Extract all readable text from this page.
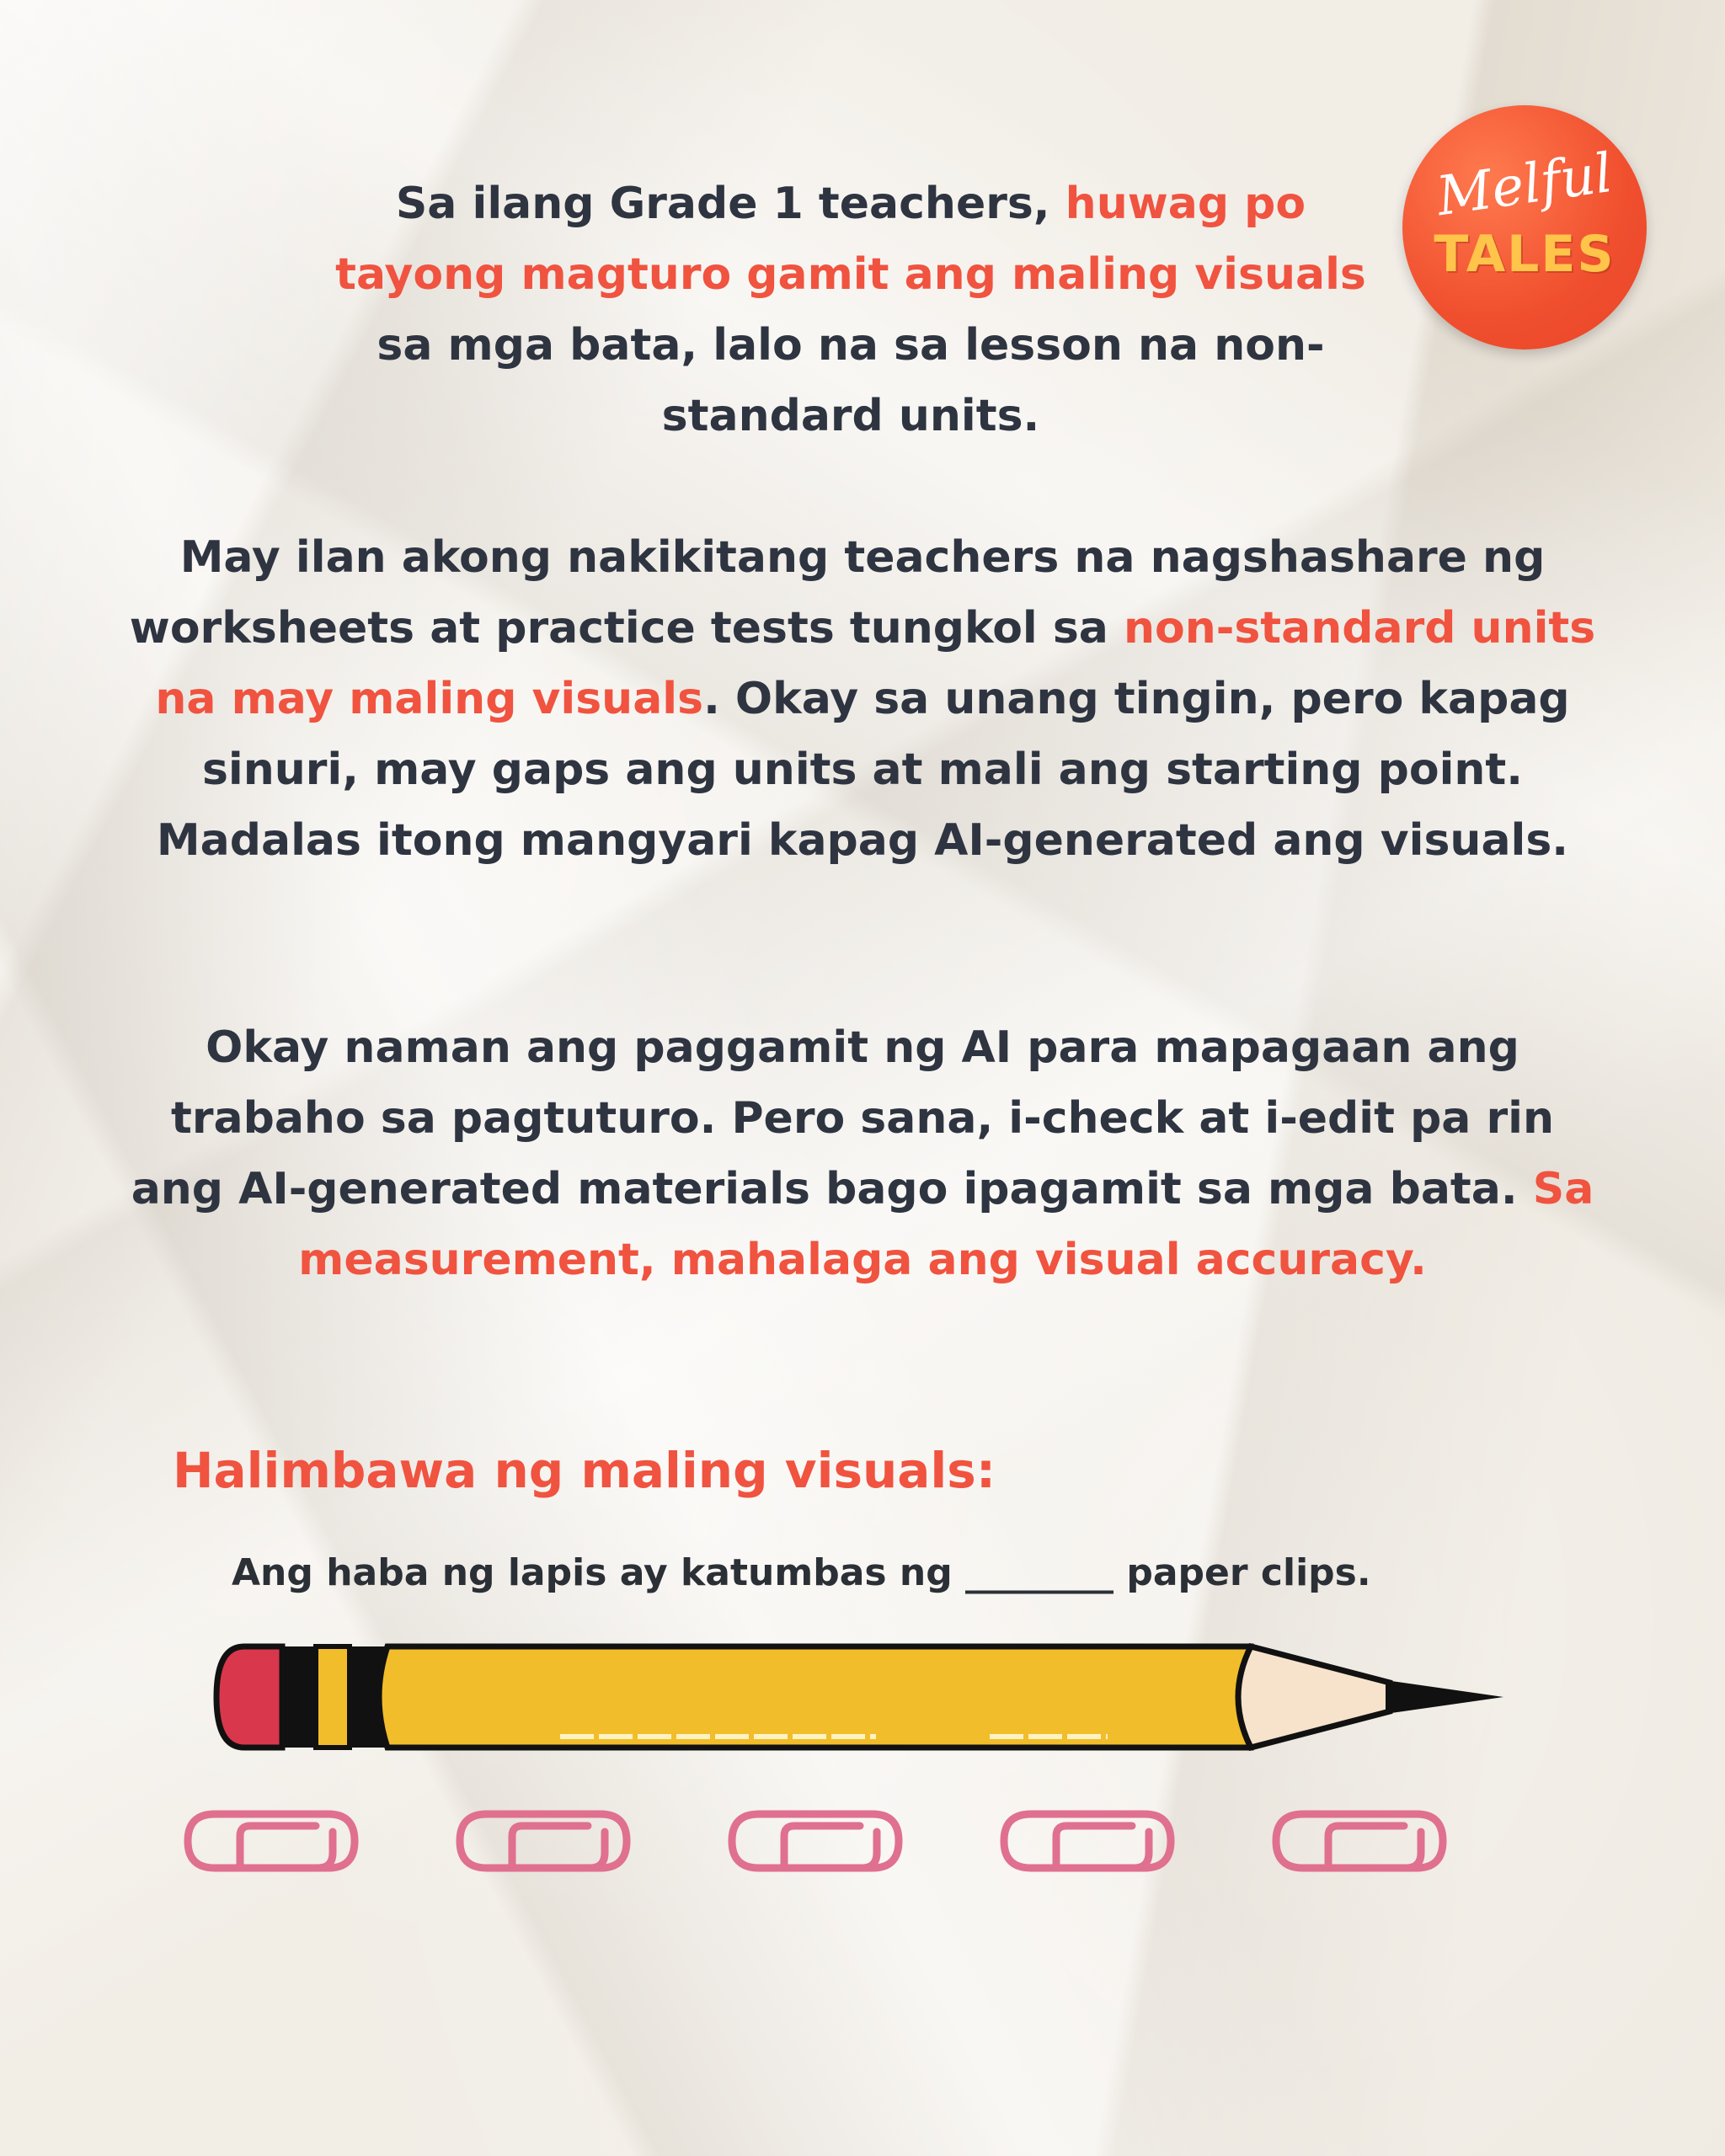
Melful
TALES

Sa ilang Grade 1 teachers, huwag po tayong magturo gamit ang maling visuals sa mga bata, lalo na sa lesson na non-standard units.

May ilan akong nakikitang teachers na nagshashare ng worksheets at practice tests tungkol sa non-standard units na may maling visuals. Okay sa unang tingin, pero kapag sinuri, may gaps ang units at mali ang starting point. Madalas itong mangyari kapag AI-generated ang visuals.

Okay naman ang paggamit ng AI para mapagaan ang trabaho sa pagtuturo. Pero sana, i-check at i-edit pa rin ang AI-generated materials bago ipagamit sa mga bata. Sa measurement, mahalaga ang visual accuracy.

Halimbawa ng maling visuals:

Ang haba ng lapis ay katumbas ng ________ paper clips.
